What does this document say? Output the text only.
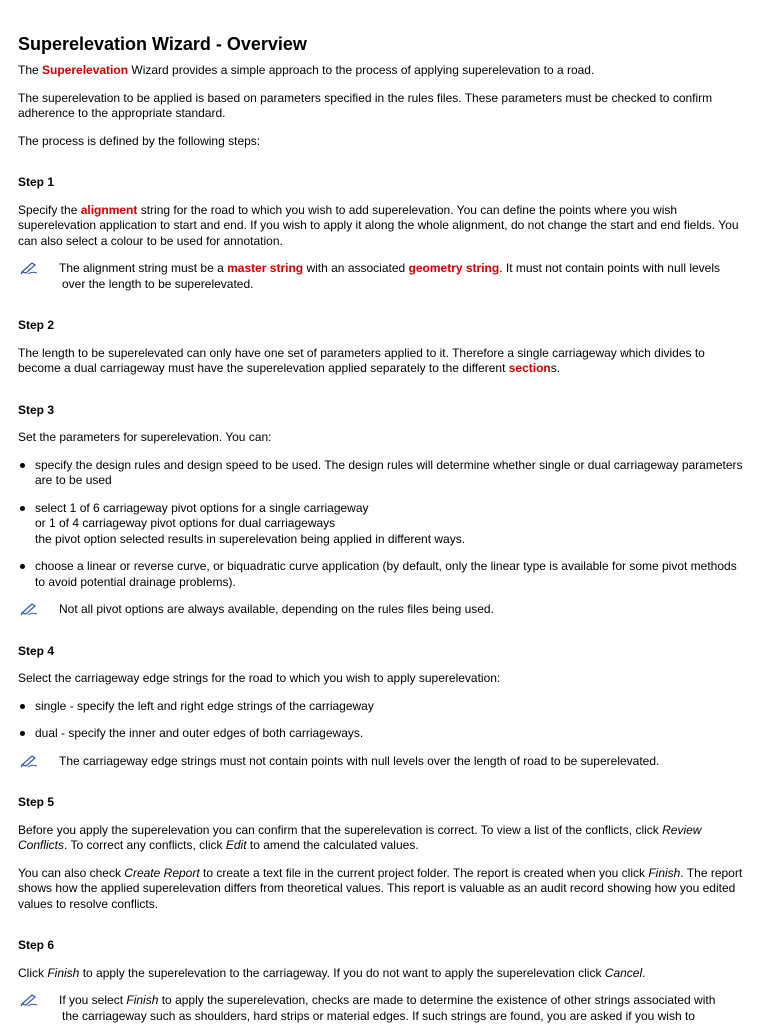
Superelevation Wizard - Overview

The Superelevation Wizard provides a simple approach to the process of applying superelevation to a road.

The superelevation to be applied is based on parameters specified in the rules files. These parameters must be checked to confirm adherence to the appropriate standard.

The process is defined by the following steps:

Step 1

Specify the alignment string for the road to which you wish to add superelevation. You can define the points where you wish superelevation application to start and end. If you wish to apply it along the whole alignment, do not change the start and end fields. You can also select a colour to be used for annotation.

The alignment string must be a master string with an associated geometry string. It must not contain points with null levels
over the length to be superelevated.
Step 2

The length to be superelevated can only have one set of parameters applied to it. Therefore a single carriageway which divides to become a dual carriageway must have the superelevation applied separately to the different sections.

Step 3

Set the parameters for superelevation. You can:

specify the design rules and design speed to be used. The design rules will determine whether single or dual carriageway parameters are to be used
select 1 of 6 carriageway pivot options for a single carriageway
or 1 of 4 carriageway pivot options for dual carriageways
the pivot option selected results in superelevation being applied in different ways.
choose a linear or reverse curve, or biquadratic curve application (by default, only the linear type is available for some pivot methods to avoid potential drainage problems).
Not all pivot options are always available, depending on the rules files being used.
Step 4

Select the carriageway edge strings for the road to which you wish to apply superelevation:

single - specify the left and right edge strings of the carriageway
dual - specify the inner and outer edges of both carriageways.
The carriageway edge strings must not contain points with null levels over the length of road to be superelevated.
Step 5

Before you apply the superelevation you can confirm that the superelevation is correct. To view a list of the conflicts, click Review Conflicts. To correct any conflicts, click Edit to amend the calculated values.

You can also check Create Report to create a text file in the current project folder. The report is created when you click Finish. The report shows how the applied superelevation differs from theoretical values. This report is valuable as an audit record showing how you edited values to resolve conflicts.

Step 6

Click Finish to apply the superelevation to the carriageway. If you do not want to apply the superelevation click Cancel.

If you select Finish to apply the superelevation, checks are made to determine the existence of other strings associated with
the carriageway such as shoulders, hard strips or material edges. If such strings are found, you are asked if you wish to
